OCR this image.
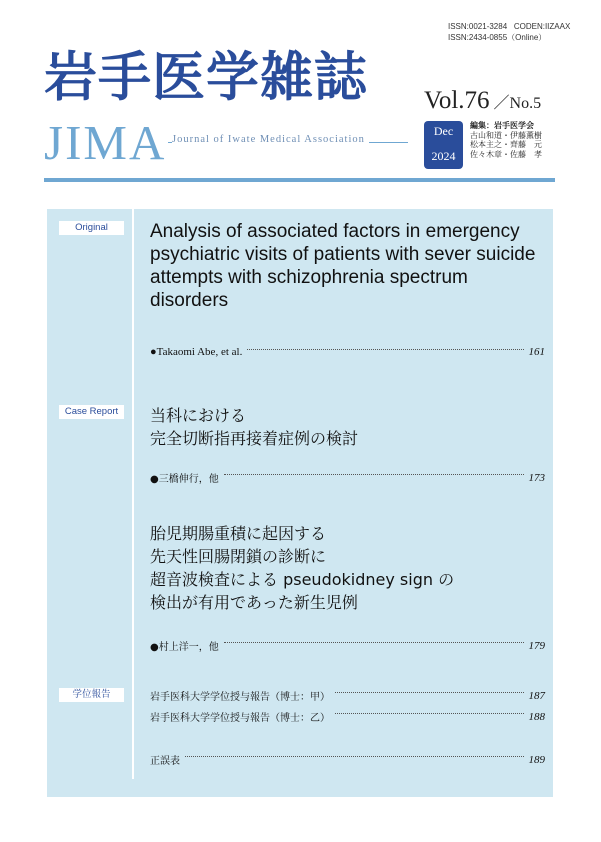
ISSN:0021-3284 CODEN:IIZAAX
ISSN:2434-0855（Online）
岩手医学雑誌 Vol.76 ／No.5
JIMA Journal of Iwate Medical Association
Dec
2024
編集：岩手医学会
古山和道・伊藤薫樹
松本主之・齊藤　元
佐々木章・佐藤　孝
Original	Analysis of associated factors in emergency psychiatric visits of patients with sever suicide attempts with schizophrenia spectrum disorders
●Takaomi Abe, et al.	161
Case Report	当科における
完全切断指再接着症例の検討
●三橋伸行，他	173
胎児期腸重積に起因する
先天性回腸閉鎖の診断に
超音波検査による pseudokidney sign の
検出が有用であった新生児例
●村上洋一，他	179
学位報告	岩手医科大学学位授与報告（博士：甲）	187
岩手医科大学学位授与報告（博士：乙）	188
正誤表	189
